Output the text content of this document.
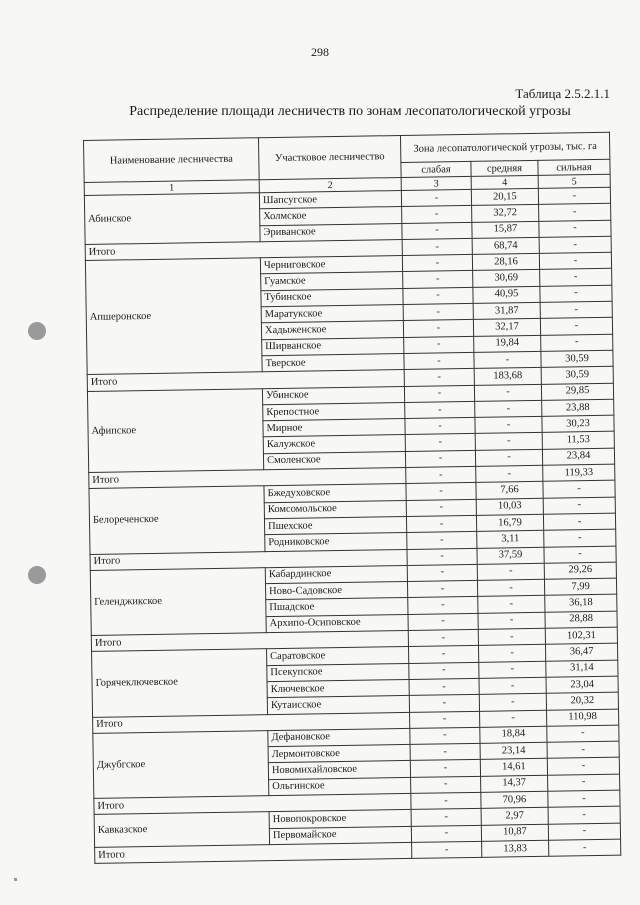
298
Таблица 2.5.2.1.1
Распределение площади лесничеств по зонам лесопатологической угрозы
Наименование лесничества	Участковое лесничество	Зона лесопатологической угрозы, тыс. га		
		слабая	средняя	сильная
1	2	3	4	5
Абинское	Шапсугское	-	20,15	-
	Холмское	-	32,72	-
	Эриванское	-	15,87	-
Итого		-	68,74	-
Апшеронское	Черниговское	-	28,16	-
	Гуамское	-	30,69	-
	Тубинское	-	40,95	-
	Маратукское	-	31,87	-
	Хадыженское	-	32,17	-
	Ширванское	-	19,84	-
	Тверское	-	-	30,59
Итого		-	183,68	30,59
Афипское	Убинское	-	-	29,85
	Крепостное	-	-	23,88
	Мирное	-	-	30,23
	Калужское	-	-	11,53
	Смоленское	-	-	23,84
Итого		-	-	119,33
Белореченское	Бжедуховское	-	7,66	-
	Комсомольское	-	10,03	-
	Пшехское	-	16,79	-
	Родниковское	-	3,11	-
Итого		-	37,59	-
Геленджикское	Кабардинское	-	-	29,26
	Ново-Садовское	-	-	7,99
	Пшадское	-	-	36,18
	Архипо-Осиповское	-	-	28,88
Итого		-	-	102,31
Горячеключевское	Саратовское	-	-	36,47
	Псекупское	-	-	31,14
	Ключевское	-	-	23,04
	Кутаисское	-	-	20,32
Итого		-	-	110,98
Джубгское	Дефановское	-	18,84	-
	Лермонтовское	-	23,14	-
	Новомихайловское	-	14,61	-
	Ольгинское	-	14,37	-
Итого		-	70,96	-
Кавказское	Новопокровское	-	2,97	-
	Первомайское	-	10,87	-
Итого		-	13,83	-
